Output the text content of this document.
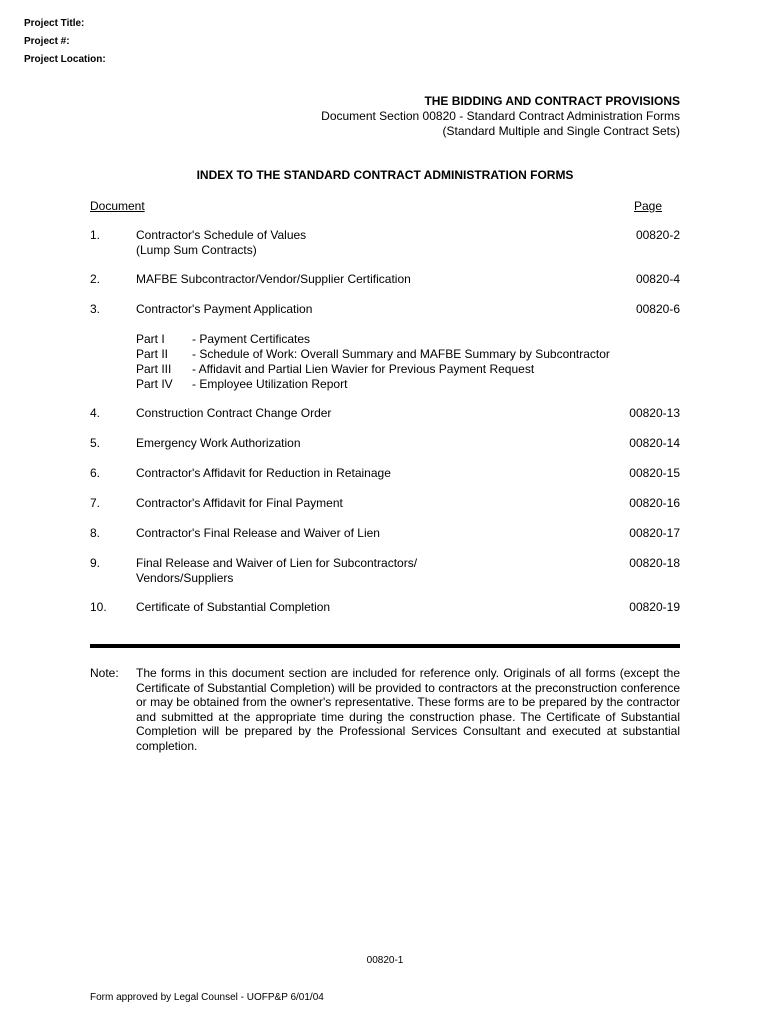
Project Title:
Project #:
Project Location:
THE BIDDING AND CONTRACT PROVISIONS
Document Section 00820 - Standard Contract Administration Forms
(Standard Multiple and Single Contract Sets)
INDEX TO THE STANDARD CONTRACT ADMINISTRATION FORMS
Document	Page
1.	Contractor's Schedule of Values
(Lump Sum Contracts)
00820-2
2.	MAFBE Subcontractor/Vendor/Supplier Certification	00820-4
3.	Contractor's Payment Application	00820-6
Part I - Payment Certificates
Part II - Schedule of Work: Overall Summary and MAFBE Summary by Subcontractor
Part III - Affidavit and Partial Lien Wavier for Previous Payment Request
Part IV - Employee Utilization Report
4.	Construction Contract Change Order	00820-13
5.	Emergency Work Authorization	00820-14
6.	Contractor's Affidavit for Reduction in Retainage	00820-15
7.	Contractor's Affidavit for Final Payment	00820-16
8.	Contractor's Final Release and Waiver of Lien	00820-17
9.	Final Release and Waiver of Lien for Subcontractors/
Vendors/Suppliers
00820-18
10. Certificate of Substantial Completion	00820-19
Note: The forms in this document section are included for reference only. Originals of all forms (except the Certificate of Substantial Completion) will be provided to contractors at the preconstruction conference or may be obtained from the owner's representative. These forms are to be prepared by the contractor and submitted at the appropriate time during the construction phase. The Certificate of Substantial Completion will be prepared by the Professional Services Consultant and executed at substantial completion.
00820-1
Form approved by Legal Counsel - UOFP&P 6/01/04
